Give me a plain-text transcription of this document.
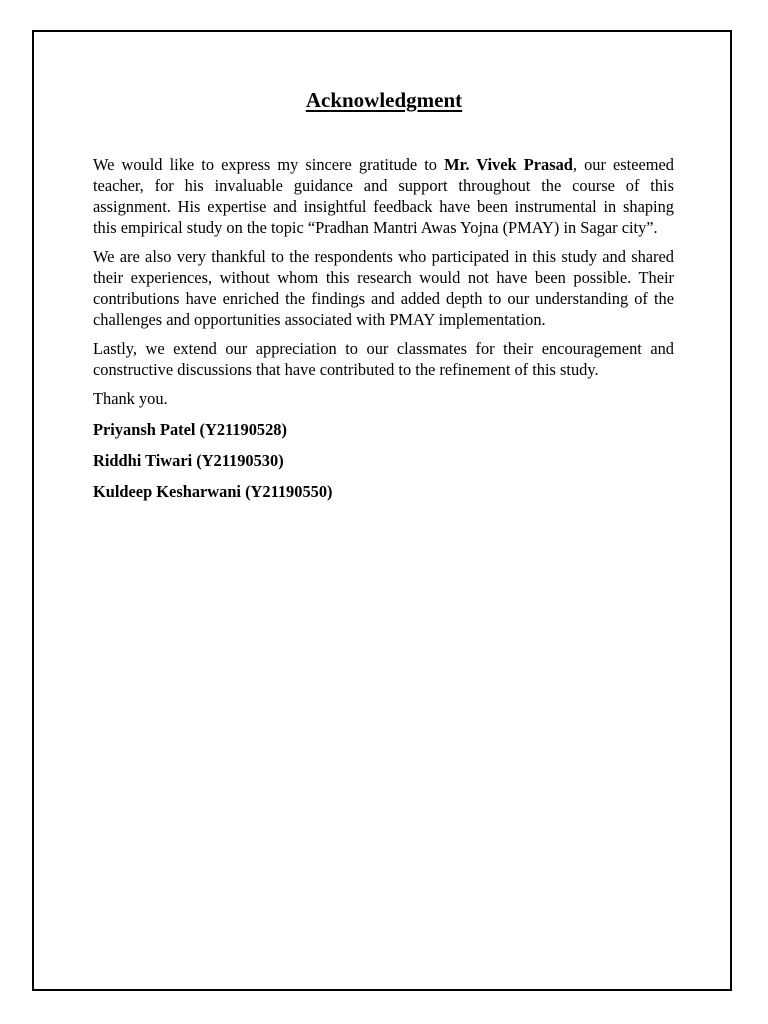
Acknowledgment

We would like to express my sincere gratitude to Mr. Vivek Prasad, our esteemed teacher, for his invaluable guidance and support throughout the course of this assignment. His expertise and insightful feedback have been instrumental in shaping this empirical study on the topic “Pradhan Mantri Awas Yojna (PMAY) in Sagar city”.

We are also very thankful to the respondents who participated in this study and shared their experiences, without whom this research would not have been possible. Their contributions have enriched the findings and added depth to our understanding of the challenges and opportunities associated with PMAY implementation.

Lastly, we extend our appreciation to our classmates for their encouragement and constructive discussions that have contributed to the refinement of this study.

Thank you.

Priyansh Patel (Y21190528)

Riddhi Tiwari (Y21190530)

Kuldeep Kesharwani (Y21190550)
